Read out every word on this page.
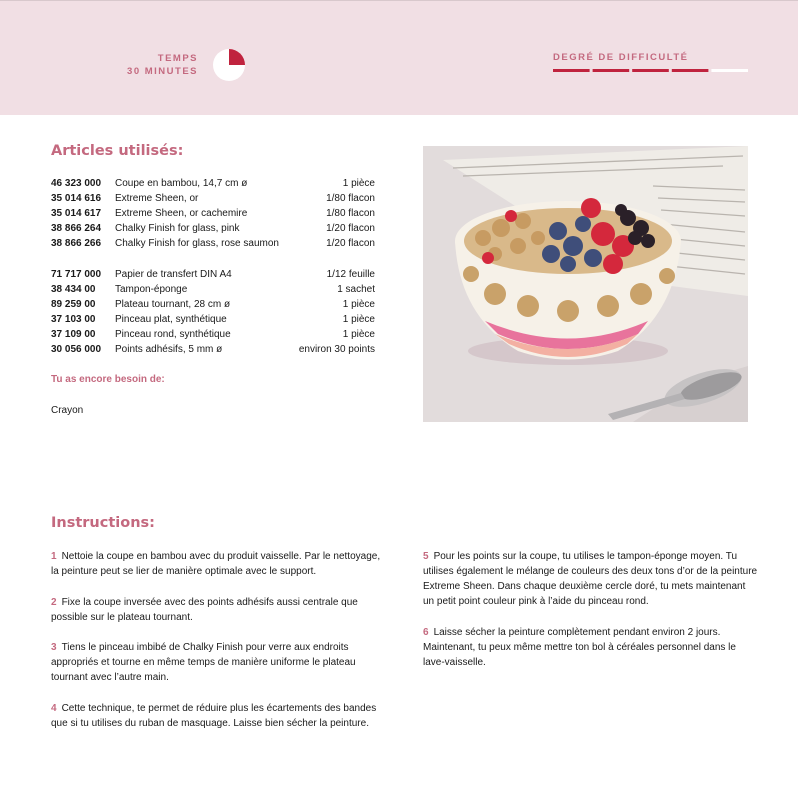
TEMPS
30 MINUTES
DEGRÉ DE DIFFICULTÉ
Articles utilisés:
46 323 000 Coupe en bambou, 14,7 cm ø	1 pièce
35 014 616 Extreme Sheen, or	1/80 flacon
35 014 617 Extreme Sheen, or cachemire	1/80 flacon
38 866 264 Chalky Finish for glass, pink	1/20 flacon
38 866 266 Chalky Finish for glass, rose saumon	1/20 flacon
71 717 000 Papier de transfert DIN A4	1/12 feuille
38 434 00 Tampon-éponge	1 sachet
89 259 00 Plateau tournant, 28 cm ø	1 pièce
37 103 00 Pinceau plat, synthétique	1 pièce
37 109 00 Pinceau rond, synthétique	1 pièce
30 056 000 Points adhésifs, 5 mm ø	environ 30 points
Tu as encore besoin de:
Crayon
Instructions:

1 Nettoie la coupe en bambou avec du produit vaisselle. Par le nettoyage,
la peinture peut se lier de manière optimale avec le support.

2 Fixe la coupe inversée avec des points adhésifs aussi centrale que
possible sur le plateau tournant.

3 Tiens le pinceau imbibé de Chalky Finish pour verre aux endroits
appropriés et tourne en même temps de manière uniforme le plateau
tournant avec l’autre main.

4 Cette technique, te permet de réduire plus les écartements des bandes
que si tu utilises du ruban de masquage. Laisse bien sécher la peinture.

5 Pour les points sur la coupe, tu utilises le tampon-éponge moyen. Tu
utilises également le mélange de couleurs des deux tons d’or de la peinture
Extreme Sheen. Dans chaque deuxième cercle doré, tu mets maintenant
un petit point couleur pink à l’aide du pinceau rond.

6 Laisse sécher la peinture complètement pendant environ 2 jours.
Maintenant, tu peux même mettre ton bol à céréales personnel dans le
lave-vaisselle.
